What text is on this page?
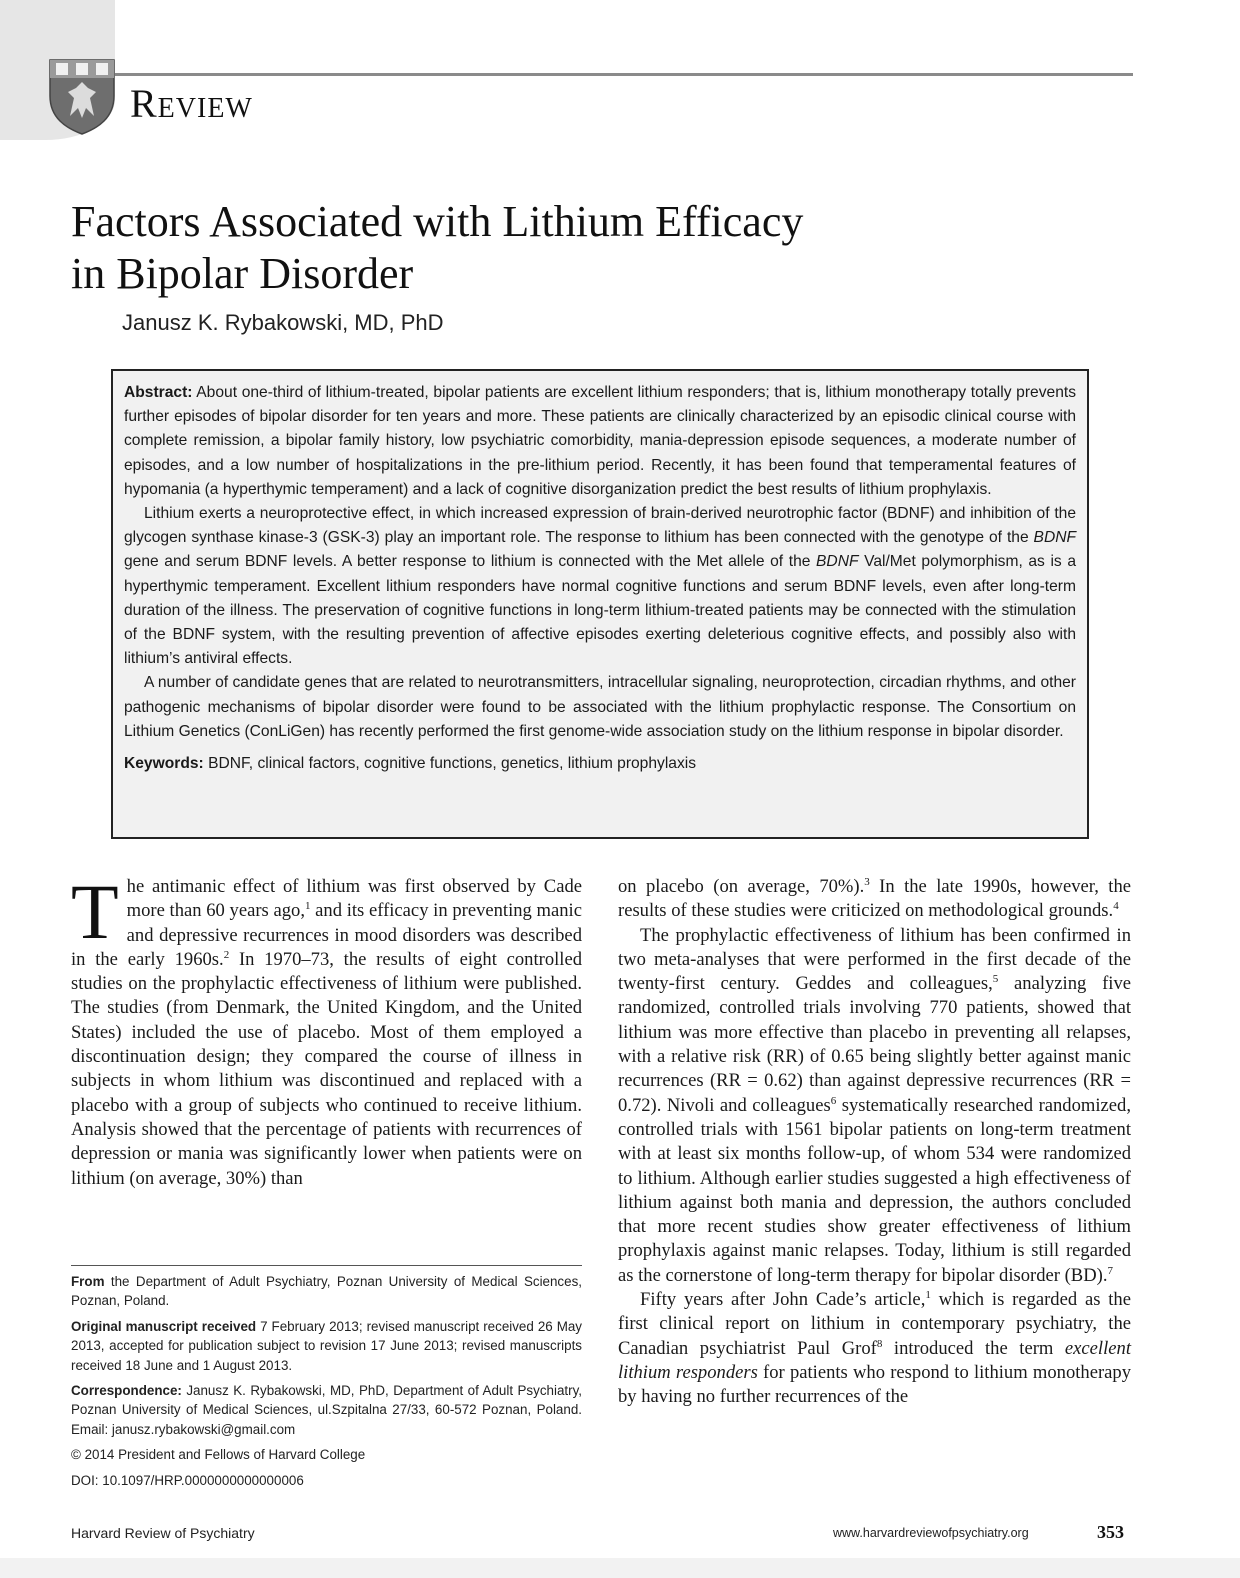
Review
Factors Associated with Lithium Efficacy
in Bipolar Disorder
Janusz K. Rybakowski, MD, PhD

Abstract: About one-third of lithium-treated, bipolar patients are excellent lithium responders; that is, lithium monotherapy totally prevents further episodes of bipolar disorder for ten years and more. These patients are clinically characterized by an episodic clinical course with complete remission, a bipolar family history, low psychiatric comorbidity, mania-depression episode sequences, a moderate number of episodes, and a low number of hospitalizations in the pre-lithium period. Recently, it has been found that temperamental features of hypomania (a hyperthymic temperament) and a lack of cognitive disorganization predict the best results of lithium prophylaxis.

Lithium exerts a neuroprotective effect, in which increased expression of brain-derived neurotrophic factor (BDNF) and inhibition of the glycogen synthase kinase-3 (GSK-3) play an important role. The response to lithium has been connected with the genotype of the BDNF gene and serum BDNF levels. A better response to lithium is connected with the Met allele of the BDNF Val/Met polymorphism, as is a hyperthymic temperament. Excellent lithium responders have normal cognitive functions and serum BDNF levels, even after long-term duration of the illness. The preservation of cognitive functions in long-term lithium-treated patients may be connected with the stimulation of the BDNF system, with the resulting prevention of affective episodes exerting deleterious cognitive effects, and possibly also with lithium’s antiviral effects.

A number of candidate genes that are related to neurotransmitters, intracellular signaling, neuroprotection, circadian rhythms, and other pathogenic mechanisms of bipolar disorder were found to be associated with the lithium prophylactic response. The Consortium on Lithium Genetics (ConLiGen) has recently performed the first genome-wide association study on the lithium response in bipolar disorder.

Keywords: BDNF, clinical factors, cognitive functions, genetics, lithium prophylaxis

The antimanic effect of lithium was first observed by Cade more than 60 years ago,$^1$ and its efficacy in preventing manic and depressive recurrences in mood disorders was described in the early 1960s.$^2$ In 1970–73, the results of eight controlled studies on the prophylactic effectiveness of lithium were published. The studies (from Denmark, the United Kingdom, and the United States) included the use of placebo. Most of them employed a discontinuation design; they compared the course of illness in subjects in whom lithium was discontinued and replaced with a placebo with a group of subjects who continued to receive lithium. Analysis showed that the percentage of patients with recurrences of depression or mania was significantly lower when patients were on lithium (on average, 30%) than

on placebo (on average, 70%).$^3$ In the late 1990s, however, the results of these studies were criticized on methodological grounds.$^4$

The prophylactic effectiveness of lithium has been confirmed in two meta-analyses that were performed in the first decade of the twenty-first century. Geddes and colleagues,$^5$ analyzing five randomized, controlled trials involving 770 patients, showed that lithium was more effective than placebo in preventing all relapses, with a relative risk (RR) of 0.65 being slightly better against manic recurrences (RR = 0.62) than against depressive recurrences (RR = 0.72). Nivoli and colleagues$^6$ systematically researched randomized, controlled trials with 1561 bipolar patients on long-term treatment with at least six months follow-up, of whom 534 were randomized to lithium. Although earlier studies suggested a high effectiveness of lithium against both mania and depression, the authors concluded that more recent studies show greater effectiveness of lithium prophylaxis against manic relapses. Today, lithium is still regarded as the cornerstone of long-term therapy for bipolar disorder (BD).$^7$

Fifty years after John Cade’s article,$^1$ which is regarded as the first clinical report on lithium in contemporary psychiatry, the Canadian psychiatrist Paul Grof$^8$ introduced the term excellent lithium responders for patients who respond to lithium monotherapy by having no further recurrences of the

From the Department of Adult Psychiatry, Poznan University of Medical Sciences, Poznan, Poland.

Original manuscript received 7 February 2013; revised manuscript received 26 May 2013, accepted for publication subject to revision 17 June 2013; revised manuscripts received 18 June and 1 August 2013.

Correspondence: Janusz K. Rybakowski, MD, PhD, Department of Adult Psychiatry, Poznan University of Medical Sciences, ul.Szpitalna 27/33, 60-572 Poznan, Poland. Email: janusz.rybakowski@gmail.com

© 2014 President and Fellows of Harvard College

DOI: 10.1097/HRP.0000000000000006

Harvard Review of Psychiatry	www.harvardreviewofpsychiatry.org	353
